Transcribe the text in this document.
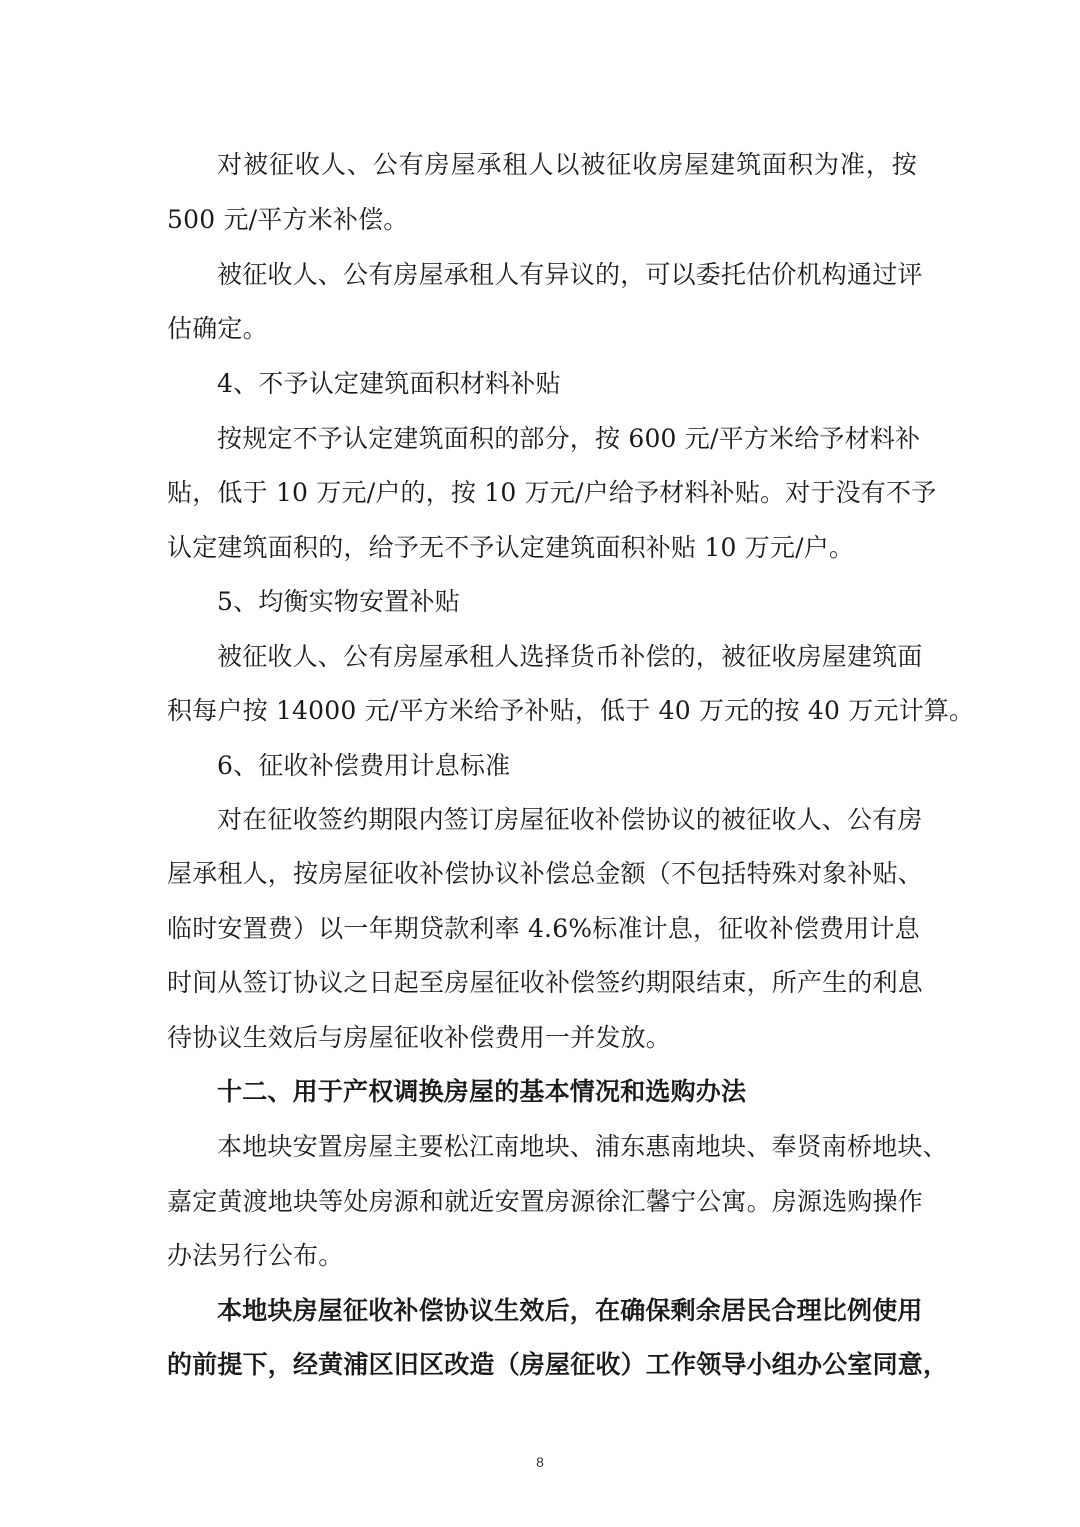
对被征收人、公有房屋承租人以被征收房屋建筑面积为准，按
500 元/平方米补偿。
被征收人、公有房屋承租人有异议的，可以委托估价机构通过评
估确定。
4、不予认定建筑面积材料补贴
按规定不予认定建筑面积的部分，按 600 元/平方米给予材料补
贴，低于 10 万元/户的，按 10 万元/户给予材料补贴。对于没有不予
认定建筑面积的，给予无不予认定建筑面积补贴 10 万元/户。
5、均衡实物安置补贴
被征收人、公有房屋承租人选择货币补偿的，被征收房屋建筑面
积每户按 14000 元/平方米给予补贴，低于 40 万元的按 40 万元计算。
6、征收补偿费用计息标准
对在征收签约期限内签订房屋征收补偿协议的被征收人、公有房
屋承租人，按房屋征收补偿协议补偿总金额（不包括特殊对象补贴、
临时安置费）以一年期贷款利率 4.6%标准计息，征收补偿费用计息
时间从签订协议之日起至房屋征收补偿签约期限结束，所产生的利息
待协议生效后与房屋征收补偿费用一并发放。
十二、用于产权调换房屋的基本情况和选购办法
本地块安置房屋主要松江南地块、浦东惠南地块、奉贤南桥地块、
嘉定黄渡地块等处房源和就近安置房源徐汇馨宁公寓。房源选购操作
办法另行公布。
本地块房屋征收补偿协议生效后，在确保剩余居民合理比例使用
的前提下，经黄浦区旧区改造（房屋征收）工作领导小组办公室同意，
8
